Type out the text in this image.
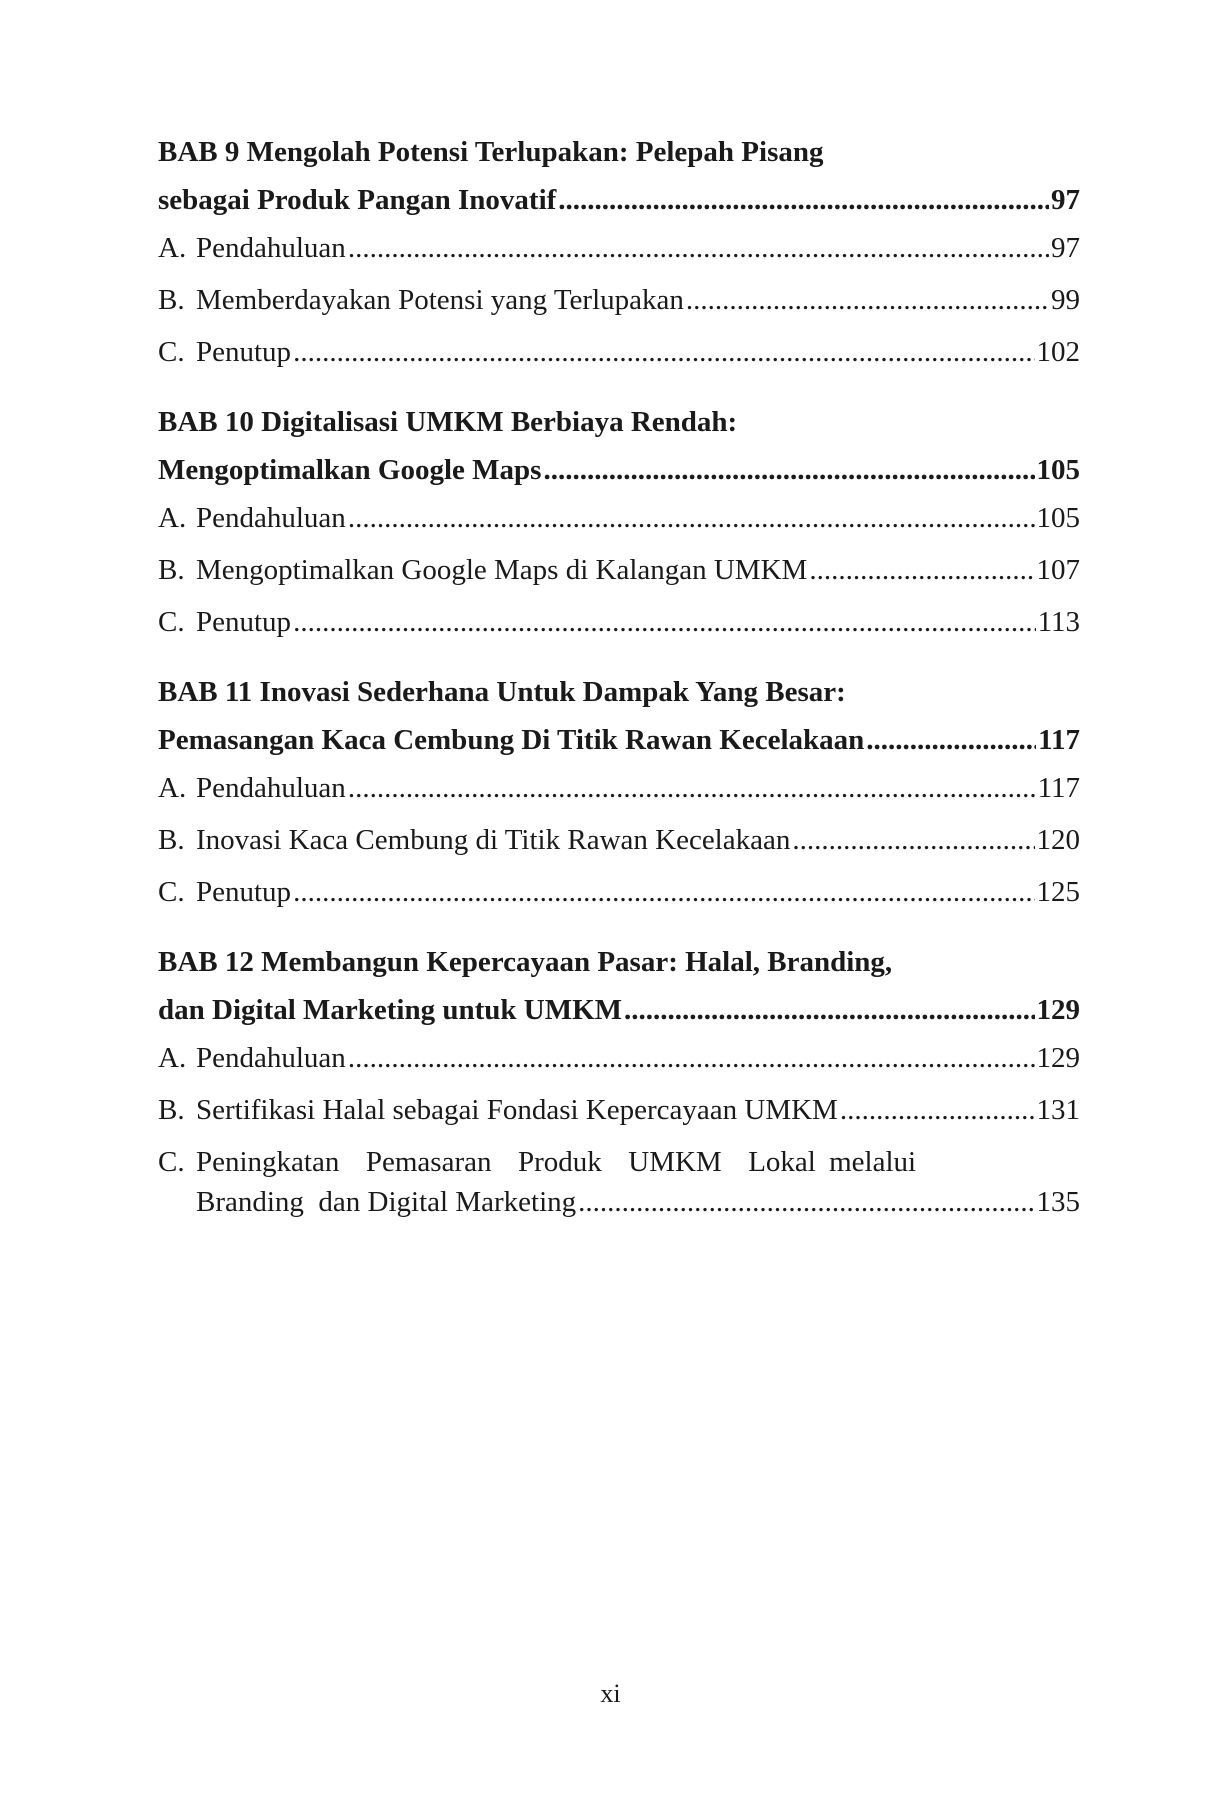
BAB 9 Mengolah Potensi Terlupakan: Pelepah Pisang
sebagai Produk Pangan Inovatif .....	97
A. Pendahuluan .....	97
B. Memberdayakan Potensi yang Terlupakan .....	99
C. Penutup .....	102
BAB 10 Digitalisasi UMKM Berbiaya Rendah:
Mengoptimalkan Google Maps .....	105
A. Pendahuluan .....	105
B. Mengoptimalkan Google Maps di Kalangan UMKM .....	107
C. Penutup .....	113
BAB 11 Inovasi Sederhana Untuk Dampak Yang Besar:
Pemasangan Kaca Cembung Di Titik Rawan Kecelakaan .....	117
A. Pendahuluan .....	117
B. Inovasi Kaca Cembung di Titik Rawan Kecelakaan .....	120
C. Penutup .....	125
BAB 12 Membangun Kepercayaan Pasar: Halal, Branding,
dan Digital Marketing untuk UMKM .....	129
A. Pendahuluan .....	129
B. Sertifikasi Halal sebagai Fondasi Kepercayaan UMKM .....	131
C. Peningkatan  Pemasaran  Produk  UMKM  Lokal melalui
Branding  dan Digital Marketing .....	135
xi
